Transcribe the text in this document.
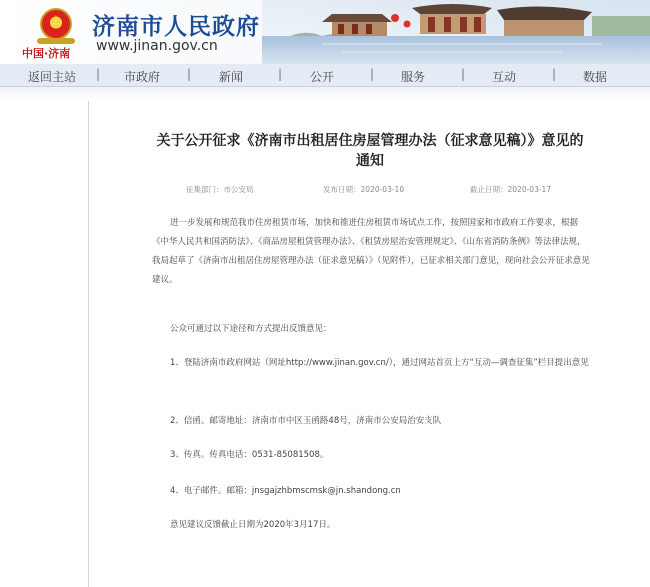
★
中国·济南
济南市人民政府
www.jinan.gov.cn
返回主站 | 市政府 | 新闻	| 公开	| 服务	| 互动	| 数据
关于公开征求《济南市出租居住房屋管理办法（征求意见稿）》意见的通知
征集部门：市公安局	发布日期：2020-03-10	截止日期：2020-03-17
进一步发展和规范我市住房租赁市场，加快和推进住房租赁市场试点工作，按照国家和市政府工作要求，根据《中华人民共和国消防法》、《商品房屋租赁管理办法》、《租赁房屋治安管理规定》、《山东省消防条例》等法律法规，我局起草了《济南市出租居住房屋管理办法（征求意见稿）》（见附件），已征求相关部门意见，现向社会公开征求意见建议。
公众可通过以下途径和方式提出反馈意见：
1、登陆济南市政府网站（网址http://www.jinan.gov.cn/），通过网站首页上方“互动—调查征集”栏目提出意见
2、信函。邮寄地址：济南市市中区玉函路48号，济南市公安局治安支队
3、传真。传真电话：0531-85081508。
4、电子邮件。邮箱：jnsgajzhbmscmsk@jn.shandong.cn
意见建议反馈截止日期为2020年3月17日。
